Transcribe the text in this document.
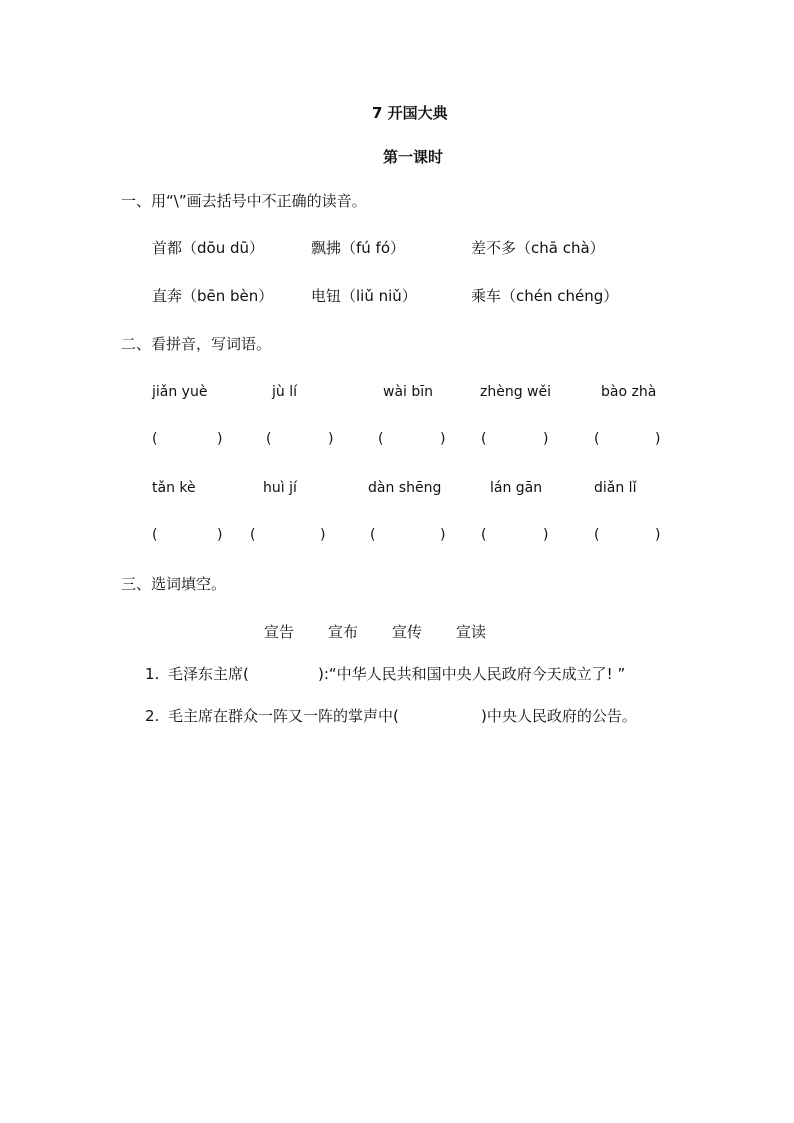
7 开国大典
第一课时
一、用“\”画去括号中不正确的读音。
首都（dōu dū）	飘拂（fú fó）	差不多（chā chà）
直奔（bēn bèn）	电钮（liǔ niǔ）	乘车（chén chéng）
二、看拼音，写词语。
jiǎn yuè	jù lí	wài bīn	zhèng wěi	bào zhà
(	)	(	)	(	)	(	)	(	)
tǎn kè	huì jí	dàn shēng	lán gān	diǎn lǐ
(	) (	)	(	)	(	)	(	)
三、选词填空。
宣告 宣布 宣传 宣读
1. 毛泽东主席(	):“中华人民共和国中央人民政府今天成立了! ”
2. 毛主席在群众一阵又一阵的掌声中(	)中央人民政府的公告。
